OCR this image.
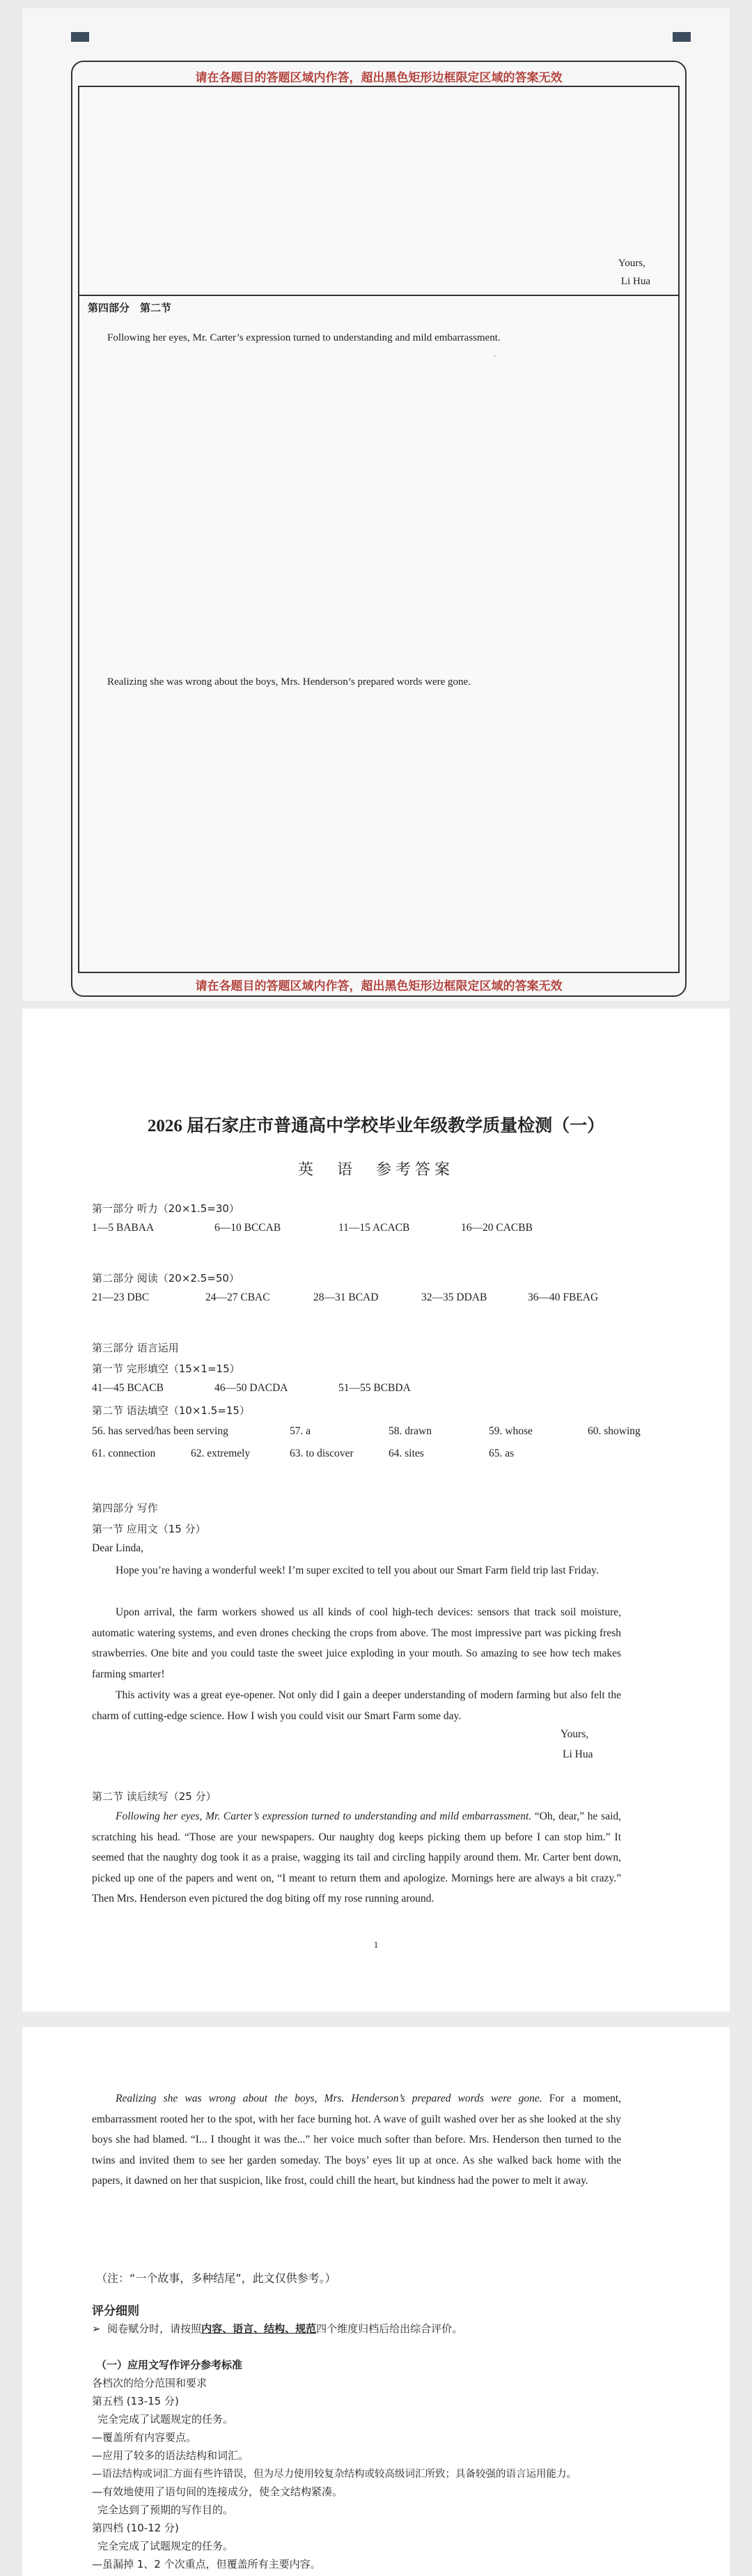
请在各题目的答题区域内作答，超出黑色矩形边框限定区域的答案无效
Yours,
Li Hua
第四部分　第二节
Following her eyes, Mr. Carter’s expression turned to understanding and mild embarrassment.
·
Realizing she was wrong about the boys, Mrs. Henderson’s prepared words were gone.
请在各题目的答题区域内作答，超出黑色矩形边框限定区域的答案无效
2026 届石家庄市普通高中学校毕业年级教学质量检测（一）
英　语　参考答案
第一部分 听力（20×1.5=30）
1—5 BABAA	6—10 BCCAB	11—15 ACACB	16—20 CACBB
第二部分 阅读（20×2.5=50）
21—23 DBC	24—27 CBAC	28—31 BCAD	32—35 DDAB	36—40 FBEAG
第三部分 语言运用
第一节 完形填空（15×1=15）
41—45 BCACB	46—50 DACDA	51—55 BCBDA
第二节 语法填空（10×1.5=15）
56. has served/has been serving	57. a	58. drawn	59. whose	60. showing
61. connection	62. extremely	63. to discover	64. sites	65. as
第四部分 写作
第一节 应用文（15 分）
Dear Linda,
Hope you’re having a wonderful week! I’m super excited to tell you about our Smart Farm field trip last Friday.
Upon arrival, the farm workers showed us all kinds of cool high-tech devices: sensors that track soil moisture, automatic watering systems, and even drones checking the crops from above. The most impressive part was picking fresh strawberries. One bite and you could taste the sweet juice exploding in your mouth. So amazing to see how tech makes farming smarter!
This activity was a great eye-opener. Not only did I gain a deeper understanding of modern farming but also felt the charm of cutting-edge science. How I wish you could visit our Smart Farm some day.
Yours,
Li Hua
第二节 读后续写（25 分）
Following her eyes, Mr. Carter’s expression turned to understanding and mild embarrassment. “Oh, dear,” he said, scratching his head. “Those are your newspapers. Our naughty dog keeps picking them up before I can stop him.” It seemed that the naughty dog took it as a praise, wagging its tail and circling happily around them. Mr. Carter bent down, picked up one of the papers and went on, “I meant to return them and apologize. Mornings here are always a bit crazy.” Then Mrs. Henderson even pictured the dog biting off my rose running around.
1
Realizing she was wrong about the boys, Mrs. Henderson’s prepared words were gone. For a moment, embarrassment rooted her to the spot, with her face burning hot. A wave of guilt washed over her as she looked at the shy boys she had blamed. “I... I thought it was the...” her voice much softer than before. Mrs. Henderson then turned to the twins and invited them to see her garden someday. The boys’ eyes lit up at once. As she walked back home with the papers, it dawned on her that suspicion, like frost, could chill the heart, but kindness had the power to melt it away.
（注：“一个故事，多种结尾”，此文仅供参考。）
评分细则
➢ 阅卷赋分时，请按照内容、语言、结构、规范四个维度归档后给出综合评价。
（一）应用文写作评分参考标准
各档次的给分范围和要求
第五档 (13-15 分)
完全完成了试题规定的任务。
—覆盖所有内容要点。
—应用了较多的语法结构和词汇。
—语法结构或词汇方面有些许错误，但为尽力使用较复杂结构或较高级词汇所致；具备较强的语言运用能力。
—有效地使用了语句间的连接成分，使全文结构紧凑。
完全达到了预期的写作目的。
第四档 (10-12 分)
完全完成了试题规定的任务。
—虽漏掉 1、2 个次重点，但覆盖所有主要内容。
